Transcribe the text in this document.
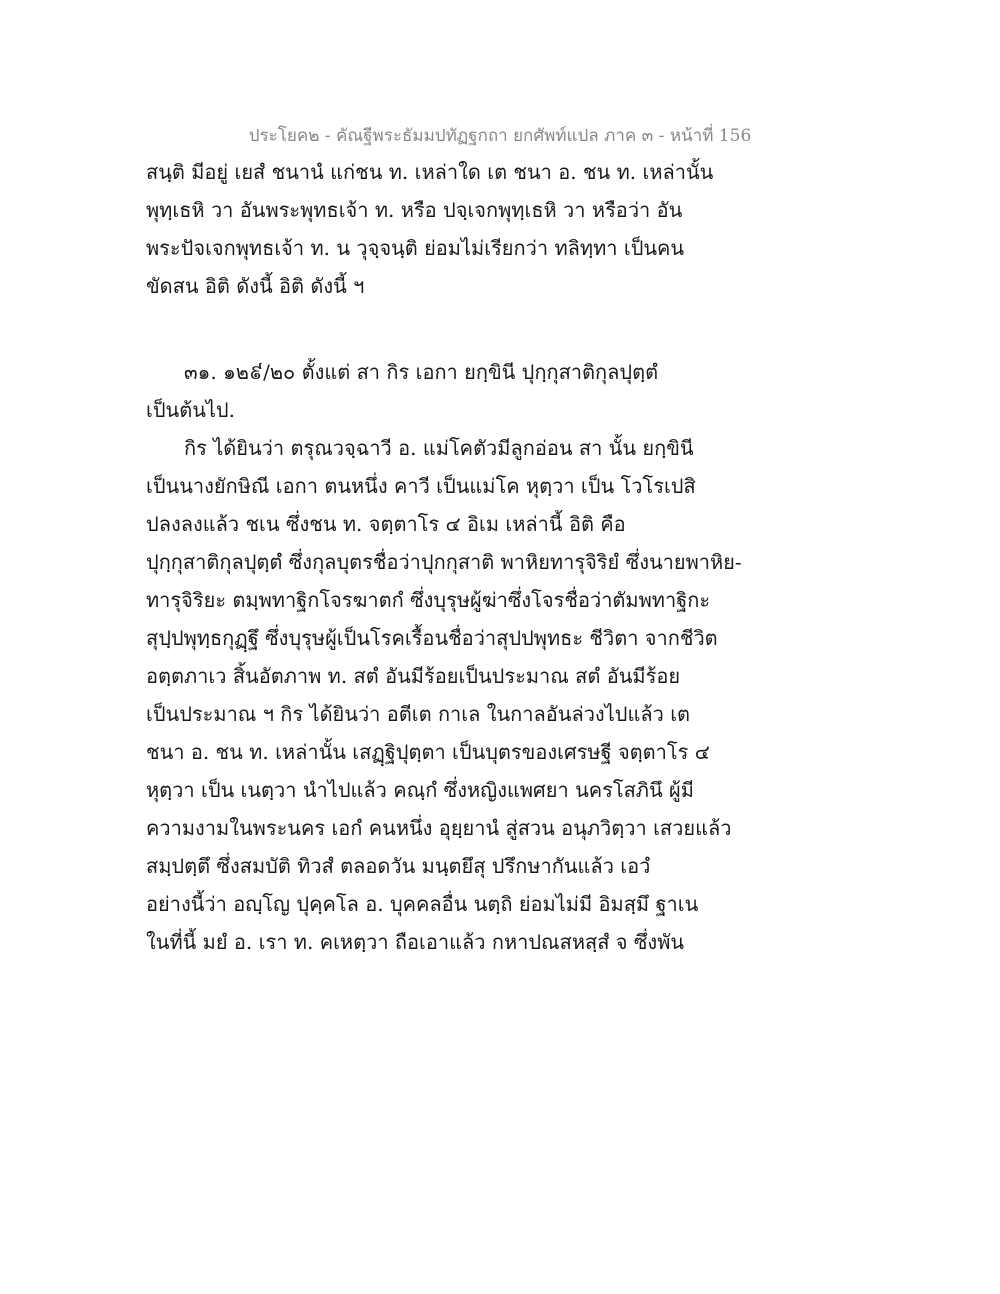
ประโยค๒ - คัณฐีพระธัมมปทัฏฐกถา ยกศัพท์แปล ภาค ๓ - หน้าที่ 156
สนฺติ มีอยู่ เยสํ ชนานํ แก่ชน ท. เหล่าใด เต ชนา อ. ชน ท. เหล่านั้น
พุทฺเธหิ วา อันพระพุทธเจ้า ท. หรือ ปจฺเจกพุทฺเธหิ วา หรือว่า อัน
พระปัจเจกพุทธเจ้า ท. น วุจฺจนฺติ ย่อมไม่เรียกว่า ทลิทฺทา เป็นคน
ขัดสน อิติ ดังนี้ อิติ ดังนี้ ฯ
๓๑. ๑๒៩/๒๐ ตั้งแต่ สา กิร เอกา ยกฺขินี ปุกฺกุสาติกุลปุตฺตํ
เป็นต้นไป.
กิร ได้ยินว่า ตรุณวจฺฉาวี อ. แม่โคตัวมีลูกอ่อน สา นั้น ยกฺขินี
เป็นนางยักษิณี เอกา ตนหนึ่ง คาวี เป็นแม่โค หุตฺวา เป็น โวโรเปสิ
ปลงลงแล้ว ชเน ซึ่งชน ท. จตฺตาโร ๔ อิเม เหล่านี้ อิติ คือ
ปุกฺกุสาติกุลปุตฺตํ ซึ่งกุลบุตรชื่อว่าปุกกุสาติ พาหิยทารุจิริยํ ซึ่งนายพาหิย-
ทารุจิริยะ ตมฺพทาฐิกโจรฆาตกํ ซึ่งบุรุษผู้ฆ่าซึ่งโจรชื่อว่าตัมพทาฐิกะ
สุปฺปพุทฺธกุฏฺฐึ ซึ่งบุรุษผู้เป็นโรคเรื้อนชื่อว่าสุปปพุทธะ ชีวิตา จากชีวิต
อตฺตภาเว สิ้นอัตภาพ ท. สตํ อันมีร้อยเป็นประมาณ สตํ อันมีร้อย
เป็นประมาณ ฯ กิร ได้ยินว่า อตีเต กาเล ในกาลอันล่วงไปแล้ว เต
ชนา อ. ชน ท. เหล่านั้น เสฏฺฐิปุตฺตา เป็นบุตรของเศรษฐี จตฺตาโร ๔
หุตฺวา เป็น เนตฺวา นำไปแล้ว คณฺกํ ซึ่งหญิงแพศยา นครโสภินึ ผู้มี
ความงามในพระนคร เอกํ คนหนึ่ง อุยฺยานํ สู่สวน อนุภวิตฺวา เสวยแล้ว
สมฺปตฺตึ ซึ่งสมบัติ ทิวสํ ตลอดวัน มนฺตยึสุ ปรึกษากันแล้ว เอวํ
อย่างนี้ว่า อญฺโญ ปุคฺคโล อ. บุคคลอื่น นตฺถิ ย่อมไม่มี อิมสฺมึ ฐาเน
ในที่นี้ มยํ อ. เรา ท. คเหตฺวา ถือเอาแล้ว กหาปณสหสฺสํ จ ซึ่งพัน
